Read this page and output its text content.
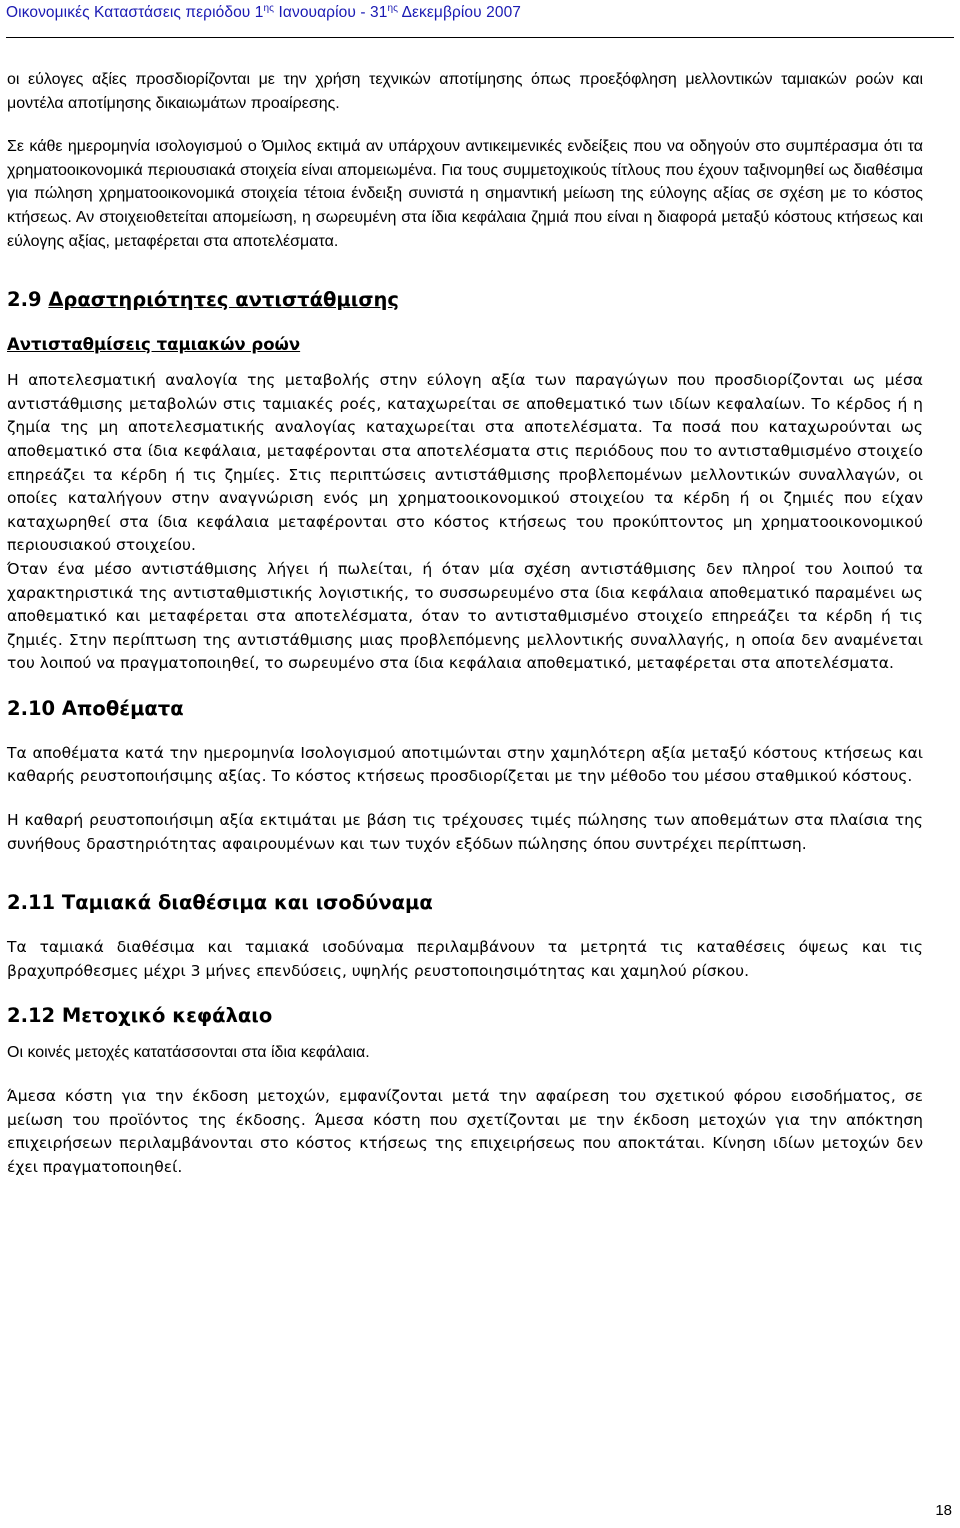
Οικονομικές Καταστάσεις περιόδου $1^{\eta\varsigma}$ Ιανουαρίου - $31^{\eta\varsigma}$ Δεκεμβρίου 2007

οι εύλογες αξίες προσδιορίζονται με την χρήση τεχνικών αποτίμησης όπως προεξόφληση μελλοντικών ταμιακών ροών και μοντέλα αποτίμησης δικαιωμάτων προαίρεσης.

Σε κάθε ημερομηνία ισολογισμού ο Όμιλος εκτιμά αν υπάρχουν αντικειμενικές ενδείξεις που να οδηγούν στο συμπέρασμα ότι τα χρηματοοικονομικά περιουσιακά στοιχεία είναι απομειωμένα. Για τους συμμετοχικούς τίτλους που έχουν ταξινομηθεί ως διαθέσιμα για πώληση χρηματοοικονομικά στοιχεία τέτοια ένδειξη συνιστά η σημαντική μείωση της εύλογης αξίας σε σχέση με το κόστος κτήσεως. Αν στοιχειοθετείται απομείωση, η σωρευμένη στα ίδια κεφάλαια ζημιά που είναι η διαφορά μεταξύ κόστους κτήσεως και εύλογης αξίας, μεταφέρεται στα αποτελέσματα.

2.9 Δραστηριότητες αντιστάθμισης
Αντισταθμίσεις ταμιακών ροών

Η αποτελεσματική αναλογία της μεταβολής στην εύλογη αξία των παραγώγων που προσδιορίζονται ως μέσα αντιστάθμισης μεταβολών στις ταμιακές ροές, καταχωρείται σε αποθεματικό των ιδίων κεφαλαίων. Το κέρδος ή η ζημία της μη αποτελεσματικής αναλογίας καταχωρείται στα αποτελέσματα. Τα ποσά που καταχωρούνται ως αποθεματικό στα ίδια κεφάλαια, μεταφέρονται στα αποτελέσματα στις περιόδους που το αντισταθμισμένο στοιχείο επηρεάζει τα κέρδη ή τις ζημίες. Στις περιπτώσεις αντιστάθμισης προβλεπομένων μελλοντικών συναλλαγών, οι οποίες καταλήγουν στην αναγνώριση ενός μη χρηματοοικονομικού στοιχείου τα κέρδη ή οι ζημιές που είχαν καταχωρηθεί στα ίδια κεφάλαια μεταφέρονται στο κόστος κτήσεως του προκύπτοντος μη χρηματοοικονομικού περιουσιακού στοιχείου.

Όταν ένα μέσο αντιστάθμισης λήγει ή πωλείται, ή όταν μία σχέση αντιστάθμισης δεν πληροί του λοιπού τα χαρακτηριστικά της αντισταθμιστικής λογιστικής, το συσσωρευμένο στα ίδια κεφάλαια αποθεματικό παραμένει ως αποθεματικό και μεταφέρεται στα αποτελέσματα, όταν το αντισταθμισμένο στοιχείο επηρεάζει τα κέρδη ή τις ζημιές. Στην περίπτωση της αντιστάθμισης μιας προβλεπόμενης μελλοντικής συναλλαγής, η οποία δεν αναμένεται του λοιπού να πραγματοποιηθεί, το σωρευμένο στα ίδια κεφάλαια αποθεματικό, μεταφέρεται στα αποτελέσματα.

2.10 Αποθέματα

Τα αποθέματα κατά την ημερομηνία Ισολογισμού αποτιμώνται στην χαμηλότερη αξία μεταξύ κόστους κτήσεως και καθαρής ρευστοποιήσιμης αξίας. Το κόστος κτήσεως προσδιορίζεται με την μέθοδο του μέσου σταθμικού κόστους.

Η καθαρή ρευστοποιήσιμη αξία εκτιμάται με βάση τις τρέχουσες τιμές πώλησης των αποθεμάτων στα πλαίσια της συνήθους δραστηριότητας αφαιρουμένων και των τυχόν εξόδων πώλησης όπου συντρέχει περίπτωση.

2.11 Ταμιακά διαθέσιμα και ισοδύναμα

Τα ταμιακά διαθέσιμα και ταμιακά ισοδύναμα περιλαμβάνουν τα μετρητά τις καταθέσεις όψεως και τις βραχυπρόθεσμες μέχρι 3 μήνες επενδύσεις, υψηλής ρευστοποιησιμότητας και χαμηλού ρίσκου.

2.12 Μετοχικό κεφάλαιο

Οι κοινές μετοχές κατατάσσονται στα ίδια κεφάλαια.

Άμεσα κόστη για την έκδοση μετοχών, εμφανίζονται μετά την αφαίρεση του σχετικού φόρου εισοδήματος, σε μείωση του προϊόντος της έκδοσης. Άμεσα κόστη που σχετίζονται με την έκδοση μετοχών για την απόκτηση επιχειρήσεων περιλαμβάνονται στο κόστος κτήσεως της επιχειρήσεως που αποκτάται. Κίνηση ιδίων μετοχών δεν έχει πραγματοποιηθεί.

18
